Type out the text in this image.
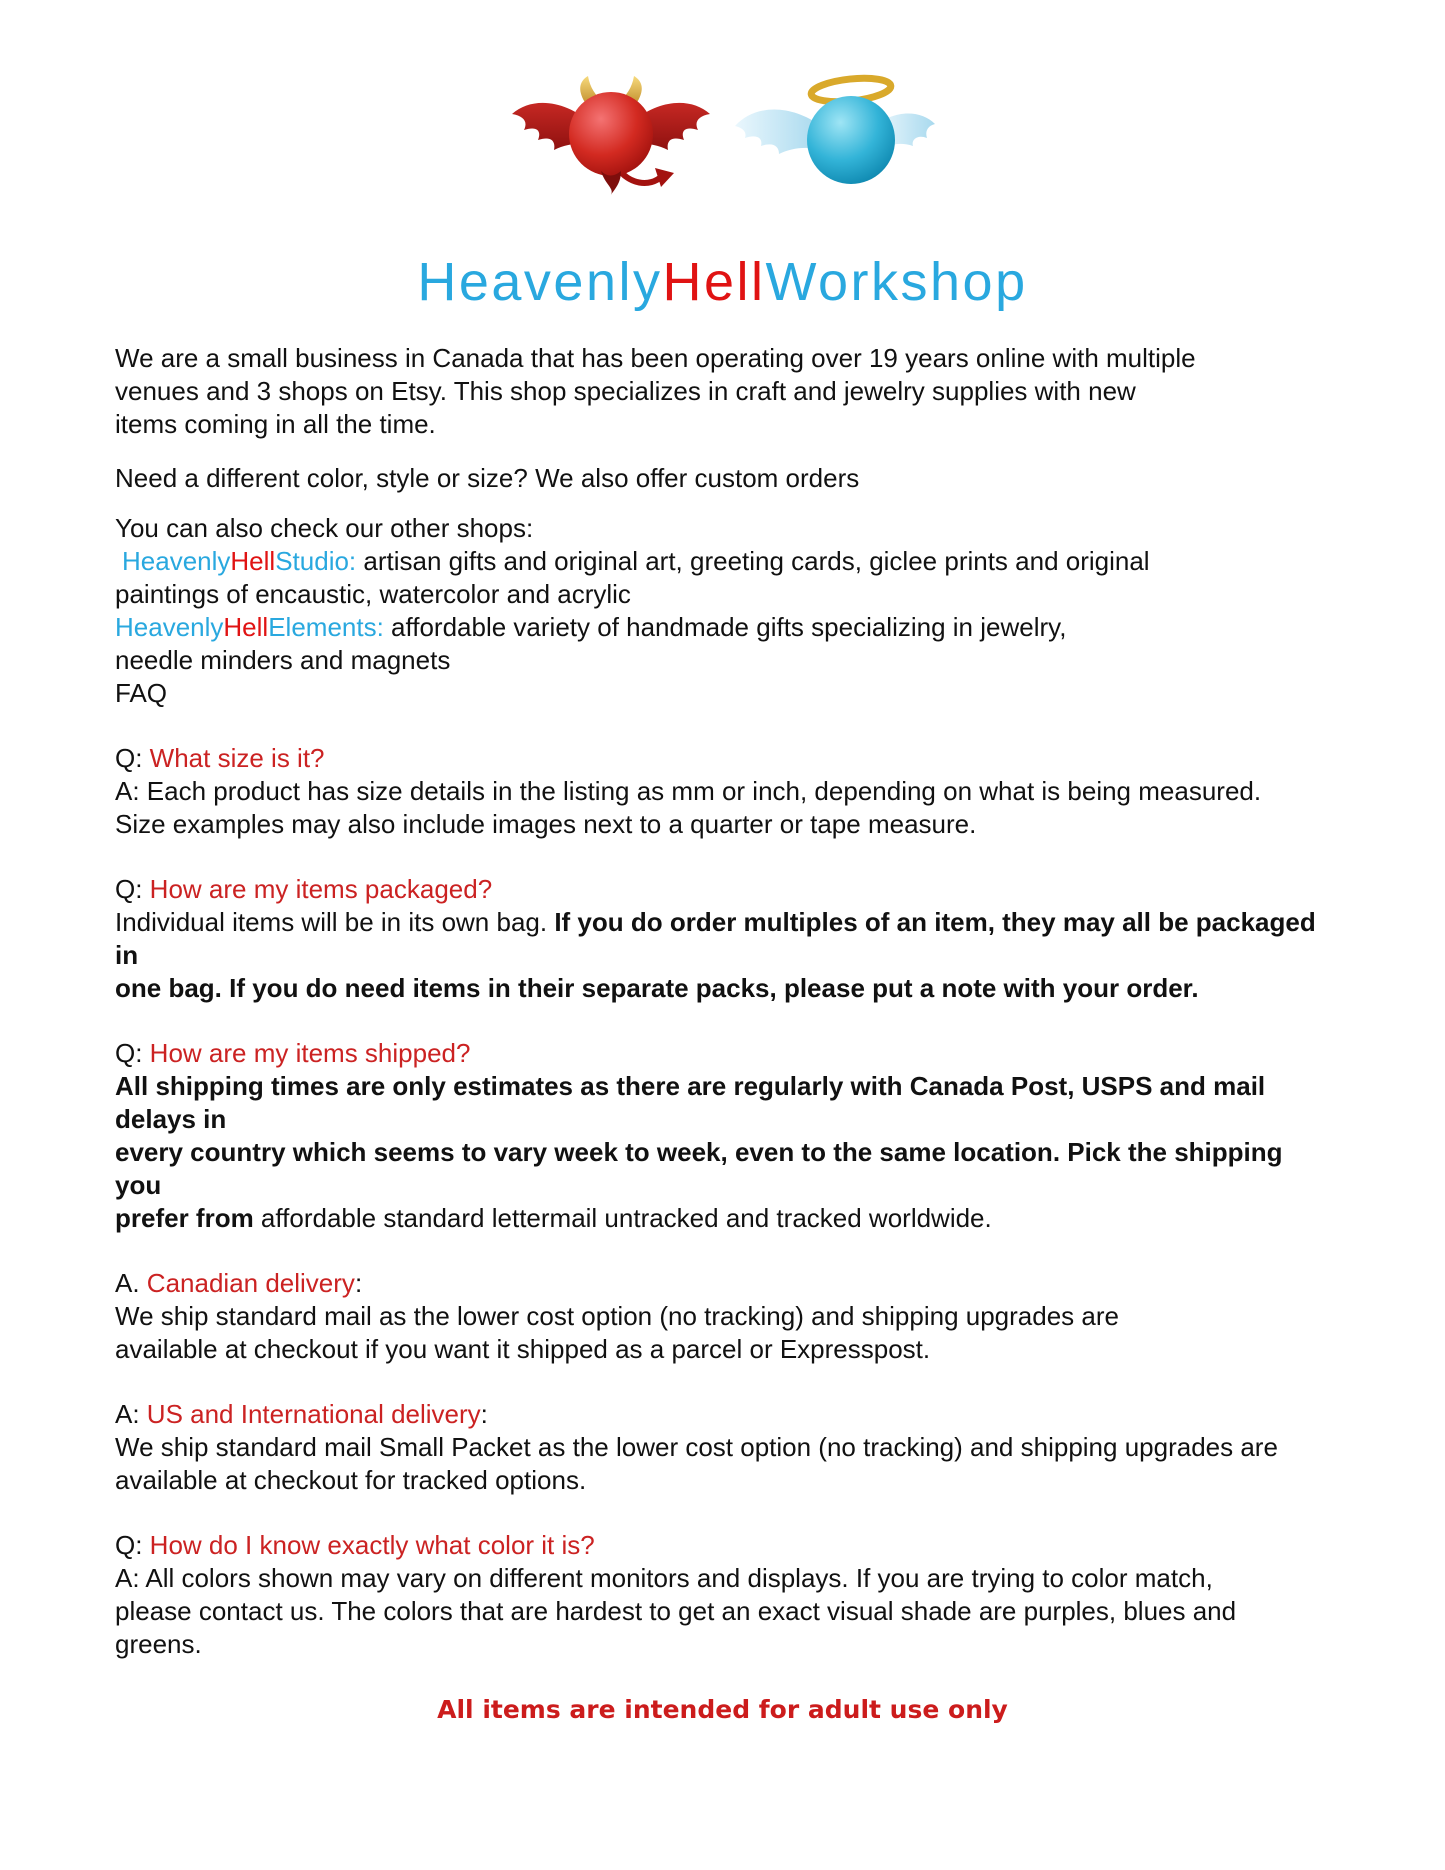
HeavenlyHellWorkshop
We are a small business in Canada that has been operating over 19 years online with multiple
venues and 3 shops on Etsy. This shop specializes in craft and jewelry supplies with new
items coming in all the time.
Need a different color, style or size? We also offer custom orders
You can also check our other shops:
HeavenlyHellStudio: artisan gifts and original art, greeting cards, giclee prints and original
paintings of encaustic, watercolor and acrylic
HeavenlyHellElements: affordable variety of handmade gifts specializing in jewelry,
needle minders and magnets
FAQ
Q: What size is it?
A: Each product has size details in the listing as mm or inch, depending on what is being measured.
Size examples may also include images next to a quarter or tape measure.
Q: How are my items packaged?
Individual items will be in its own bag. If you do order multiples of an item, they may all be packaged in
one bag. If you do need items in their separate packs, please put a note with your order.
Q: How are my items shipped?
All shipping times are only estimates as there are regularly with Canada Post, USPS and mail delays in
every country which seems to vary week to week, even to the same location. Pick the shipping you
prefer from affordable standard lettermail untracked and tracked worldwide.
A. Canadian delivery:
We ship standard mail as the lower cost option (no tracking) and shipping upgrades are
available at checkout if you want it shipped as a parcel or Expresspost.
A: US and International delivery:
We ship standard mail Small Packet as the lower cost option (no tracking) and shipping upgrades are
available at checkout for tracked options.
Q: How do I know exactly what color it is?
A: All colors shown may vary on different monitors and displays. If you are trying to color match,
please contact us. The colors that are hardest to get an exact visual shade are purples, blues and
greens.
All items are intended for adult use only
